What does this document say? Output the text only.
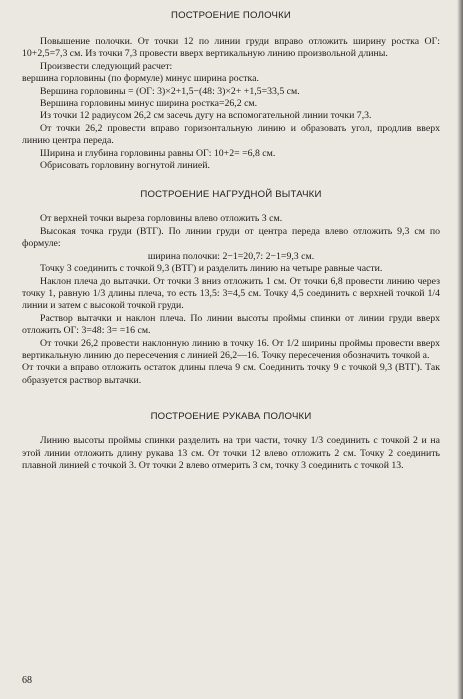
ПОСТРОЕНИЕ ПОЛОЧКИ

Повышение полочки. От точки 12 по линии груди вправо отложить ширину ростка ОГ: 10+2,5=7,3 см. Из точки 7,3 провести вверх вертикальную линию произвольной длины.

Произвести следующий расчет:

вершина горловины (по формуле) минус ширина ростка.

Вершина горловины = (ОГ: 3)×2+1,5−(48: 3)×2+ +1,5=33,5 см.

Вершина горловины минус ширина ростка=26,2 см.

Из точки 12 радиусом 26,2 см засечь дугу на вспомогательной линии точки 7,3.

От точки 26,2 провести вправо горизонтальную линию и образовать угол, продлив вверх линию центра переда.

Ширина и глубина горловины равны ОГ: 10+2= =6,8 см.

Обрисовать горловину вогнутой линией.

ПОСТРОЕНИЕ НАГРУДНОЙ ВЫТАЧКИ

От верхней точки выреза горловины влево отложить 3 см.

Высокая точка груди (ВТГ). По линии груди от центра переда влево отложить 9,3 см по формуле:

ширина полочки: 2−1=20,7: 2−1=9,3 см.

Точку 3 соединить с точкой 9,3 (ВТГ) и разделить линию на четыре равные части.

Наклон плеча до вытачки. От точки 3 вниз отложить 1 см. От точки 6,8 провести линию через точку 1, равную 1/3 длины плеча, то есть 13,5: 3=4,5 см. Точку 4,5 соединить с верхней точкой 1/4 линии и затем с высокой точкой груди.

Раствор вытачки и наклон плеча. По линии высоты проймы спинки от линии груди вверх отложить ОГ: 3=48: 3= =16 см.

От точки 26,2 провести наклонную линию в точку 16. От 1/2 ширины проймы провести вверх вертикальную линию до пересечения с линией 26,2—16. Точку пересечения обозначить точкой а.

От точки а вправо отложить остаток длины плеча 9 см. Соединить точку 9 с точкой 9,3 (ВТГ). Так образуется раствор вытачки.

ПОСТРОЕНИЕ РУКАВА ПОЛОЧКИ

Линию высоты проймы спинки разделить на три части, точку 1/3 соединить с точкой 2 и на этой линии отложить длину рукава 13 см. От точки 12 влево отложить 2 см. Точку 2 соединить плавной линией с точкой 3. От точки 2 влево отмерить 3 см, точку 3 соединить с точкой 13.

68
